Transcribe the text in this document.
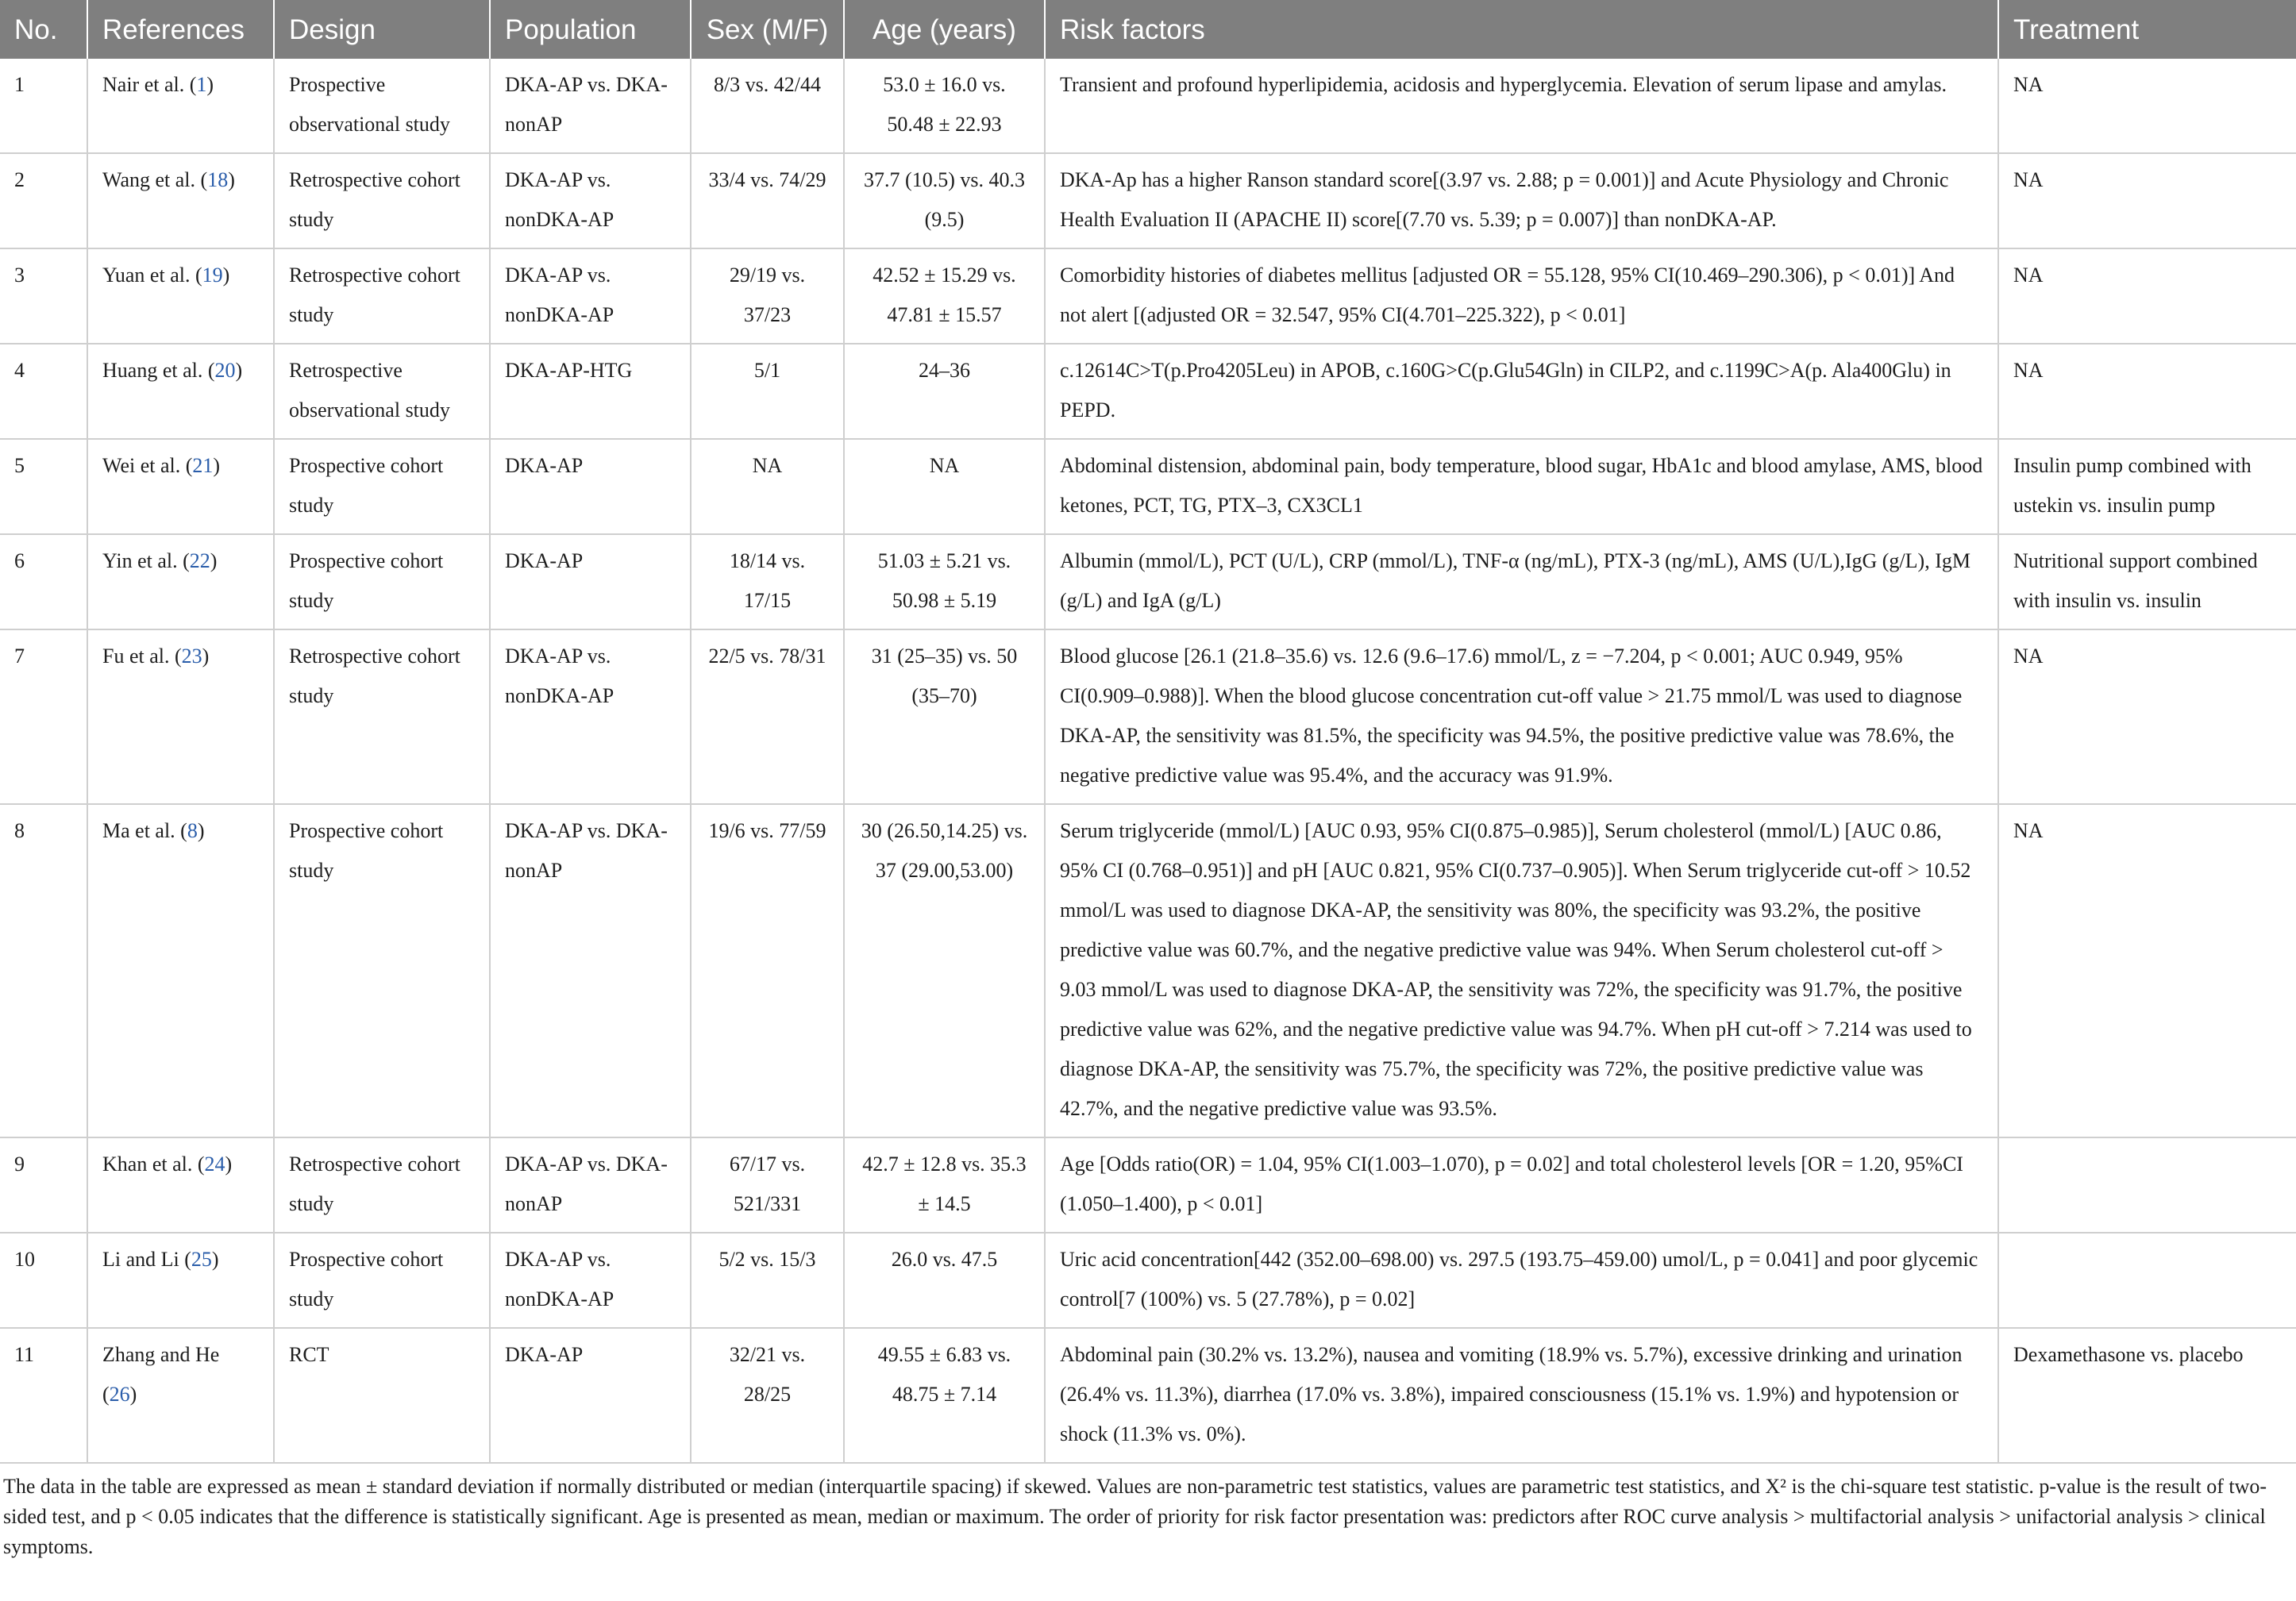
No.	References	Design	Population	Sex (M/F)	Age (years)	Risk factors	Treatment
1	Nair et al. (1)	Prospective observational study	DKA-AP vs. DKA-nonAP	8/3 vs. 42/44	53.0 ± 16.0 vs. 50.48 ± 22.93	Transient and profound hyperlipidemia, acidosis and hyperglycemia. Elevation of serum lipase and amylas.	NA
2	Wang et al. (18)	Retrospective cohort study	DKA-AP vs. nonDKA-AP	33/4 vs. 74/29	37.7 (10.5) vs. 40.3 (9.5)	DKA-Ap has a higher Ranson standard score[(3.97 vs. 2.88; p = 0.001)] and Acute Physiology and Chronic Health Evaluation II (APACHE II) score[(7.70 vs. 5.39; p = 0.007)] than nonDKA-AP.	NA
3	Yuan et al. (19)	Retrospective cohort study	DKA-AP vs. nonDKA-AP	29/19 vs. 37/23	42.52 ± 15.29 vs. 47.81 ± 15.57	Comorbidity histories of diabetes mellitus [adjusted OR = 55.128, 95% CI(10.469–290.306), p < 0.01)] And not alert [(adjusted OR = 32.547, 95% CI(4.701–225.322), p < 0.01]	NA
4	Huang et al. (20)	Retrospective observational study	DKA-AP-HTG	5/1	24–36	c.12614C>T(p.Pro4205Leu) in APOB, c.160G>C(p.Glu54Gln) in CILP2, and c.1199C>A(p. Ala400Glu) in PEPD.	NA
5	Wei et al. (21)	Prospective cohort study	DKA-AP	NA	NA	Abdominal distension, abdominal pain, body temperature, blood sugar, HbA1c and blood amylase, AMS, blood ketones, PCT, TG, PTX–3, CX3CL1	Insulin pump combined with ustekin vs. insulin pump
6	Yin et al. (22)	Prospective cohort study	DKA-AP	18/14 vs. 17/15	51.03 ± 5.21 vs. 50.98 ± 5.19	Albumin (mmol/L), PCT (U/L), CRP (mmol/L), TNF-α (ng/mL), PTX-3 (ng/mL), AMS (U/L),IgG (g/L), IgM (g/L) and IgA (g/L)	Nutritional support combined with insulin vs. insulin
7	Fu et al. (23)	Retrospective cohort study	DKA-AP vs. nonDKA-AP	22/5 vs. 78/31	31 (25–35) vs. 50 (35–70)	Blood glucose [26.1 (21.8–35.6) vs. 12.6 (9.6–17.6) mmol/L, z = −7.204, p < 0.001; AUC 0.949, 95% CI(0.909–0.988)]. When the blood glucose concentration cut-off value > 21.75 mmol/L was used to diagnose DKA-AP, the sensitivity was 81.5%, the specificity was 94.5%, the positive predictive value was 78.6%, the negative predictive value was 95.4%, and the accuracy was 91.9%.	NA
8	Ma et al. (8)	Prospective cohort study	DKA-AP vs. DKA-nonAP	19/6 vs. 77/59	30 (26.50,14.25) vs. 37 (29.00,53.00)	Serum triglyceride (mmol/L) [AUC 0.93, 95% CI(0.875–0.985)], Serum cholesterol (mmol/L) [AUC 0.86, 95% CI (0.768–0.951)] and pH [AUC 0.821, 95% CI(0.737–0.905)]. When Serum triglyceride cut-off > 10.52 mmol/L was used to diagnose DKA-AP, the sensitivity was 80%, the specificity was 93.2%, the positive predictive value was 60.7%, and the negative predictive value was 94%. When Serum cholesterol cut-off > 9.03 mmol/L was used to diagnose DKA-AP, the sensitivity was 72%, the specificity was 91.7%, the positive predictive value was 62%, and the negative predictive value was 94.7%. When pH cut-off > 7.214 was used to diagnose DKA-AP, the sensitivity was 75.7%, the specificity was 72%, the positive predictive value was 42.7%, and the negative predictive value was 93.5%.	NA
9	Khan et al. (24)	Retrospective cohort study	DKA-AP vs. DKA-nonAP	67/17 vs. 521/331	42.7 ± 12.8 vs. 35.3 ± 14.5	Age [Odds ratio(OR) = 1.04, 95% CI(1.003–1.070), p = 0.02] and total cholesterol levels [OR = 1.20, 95%CI (1.050–1.400), p < 0.01]	
10	Li and Li (25)	Prospective cohort study	DKA-AP vs. nonDKA-AP	5/2 vs. 15/3	26.0 vs. 47.5	Uric acid concentration[442 (352.00–698.00) vs. 297.5 (193.75–459.00) umol/L, p = 0.041] and poor glycemic control[7 (100%) vs. 5 (27.78%), p = 0.02]	
11	Zhang and He (26)	RCT	DKA-AP	32/21 vs. 28/25	49.55 ± 6.83 vs. 48.75 ± 7.14	Abdominal pain (30.2% vs. 13.2%), nausea and vomiting (18.9% vs. 5.7%), excessive drinking and urination (26.4% vs. 11.3%), diarrhea (17.0% vs. 3.8%), impaired consciousness (15.1% vs. 1.9%) and hypotension or shock (11.3% vs. 0%).	Dexamethasone vs. placebo
The data in the table are expressed as mean ± standard deviation if normally distributed or median (interquartile spacing) if skewed. Values are non-parametric test statistics, values are parametric test statistics, and X² is the chi-square test statistic. p-value is the result of two-sided test, and p < 0.05 indicates that the difference is statistically significant. Age is presented as mean, median or maximum. The order of priority for risk factor presentation was: predictors after ROC curve analysis > multifactorial analysis > unifactorial analysis > clinical symptoms.
